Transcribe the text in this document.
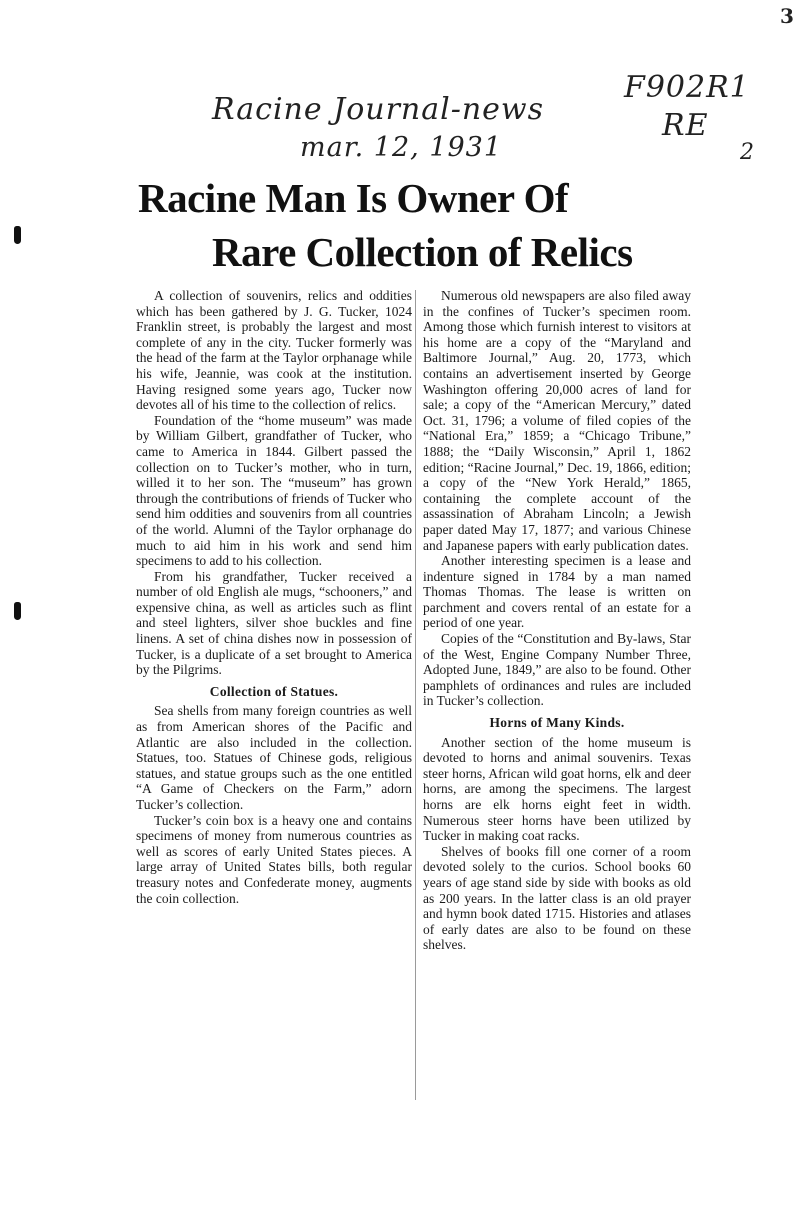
3
Racine Journal-news
mar. 12, 1931
F902R1
RE
2
Racine Man Is Owner Of
Rare Collection of Relics

A collection of souvenirs, relics and oddities which has been gathered by J. G. Tucker, 1024 Franklin street, is probably the largest and most complete of any in the city. Tucker formerly was the head of the farm at the Taylor orphanage while his wife, Jeannie, was cook at the institution. Having resigned some years ago, Tucker now devotes all of his time to the collection of relics.

Foundation of the “home museum” was made by William Gilbert, grandfather of Tucker, who came to America in 1844. Gilbert passed the collection on to Tucker’s mother, who in turn, willed it to her son. The “museum” has grown through the contributions of friends of Tucker who send him oddities and souvenirs from all countries of the world. Alumni of the Taylor orphanage do much to aid him in his work and send him specimens to add to his collection.

From his grandfather, Tucker received a number of old English ale mugs, “schooners,” and expensive china, as well as articles such as flint and steel lighters, silver shoe buckles and fine linens. A set of china dishes now in possession of Tucker, is a duplicate of a set brought to America by the Pilgrims.

Collection of Statues.

Sea shells from many foreign countries as well as from American shores of the Pacific and Atlantic are also included in the collection. Statues, too. Statues of Chinese gods, religious statues, and statue groups such as the one entitled “A Game of Checkers on the Farm,” adorn Tucker’s collection.

Tucker’s coin box is a heavy one and contains specimens of money from numerous countries as well as scores of early United States pieces. A large array of United States bills, both regular treasury notes and Confederate money, augments the coin collection.

Numerous old newspapers are also filed away in the confines of Tucker’s specimen room. Among those which furnish interest to visitors at his home are a copy of the “Maryland and Baltimore Journal,” Aug. 20, 1773, which contains an advertisement inserted by George Washington offering 20,000 acres of land for sale; a copy of the “American Mercury,” dated Oct. 31, 1796; a volume of filed copies of the “National Era,” 1859; a “Chicago Tribune,” 1888; the “Daily Wisconsin,” April 1, 1862 edition; “Racine Journal,” Dec. 19, 1866, edition; a copy of the “New York Herald,” 1865, containing the complete account of the assassination of Abraham Lincoln; a Jewish paper dated May 17, 1877; and various Chinese and Japanese papers with early publication dates.

Another interesting specimen is a lease and indenture signed in 1784 by a man named Thomas Thomas. The lease is written on parchment and covers rental of an estate for a period of one year.

Copies of the “Constitution and By-laws, Star of the West, Engine Company Number Three, Adopted June, 1849,” are also to be found. Other pamphlets of ordinances and rules are included in Tucker’s collection.

Horns of Many Kinds.

Another section of the home museum is devoted to horns and animal souvenirs. Texas steer horns, African wild goat horns, elk and deer horns, are among the specimens. The largest horns are elk horns eight feet in width. Numerous steer horns have been utilized by Tucker in making coat racks.

Shelves of books fill one corner of a room devoted solely to the curios. School books 60 years of age stand side by side with books as old as 200 years. In the latter class is an old prayer and hymn book dated 1715. Histories and atlases of early dates are also to be found on these shelves.
